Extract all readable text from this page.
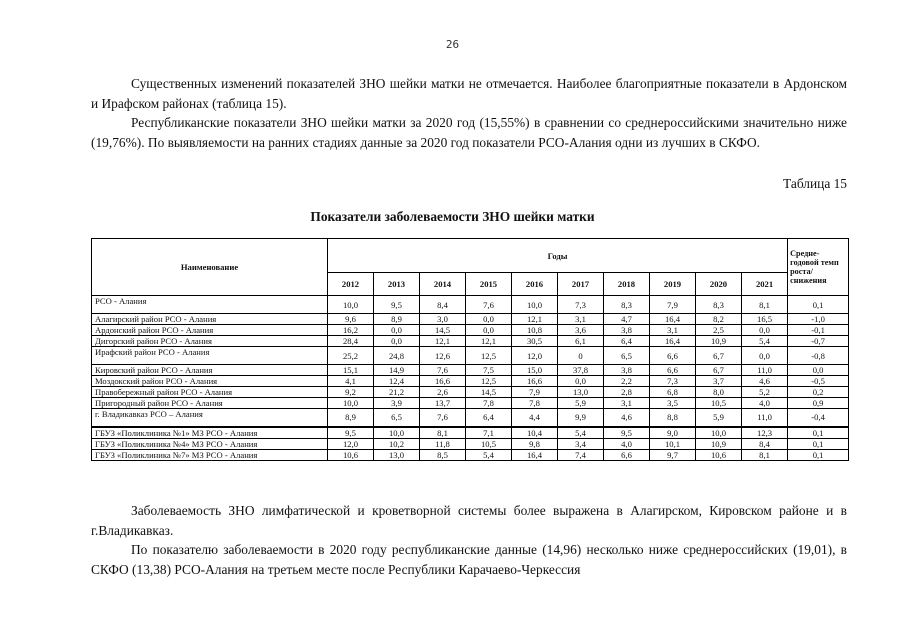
26

Существенных изменений показателей ЗНО шейки матки не отмечается. Наиболее благоприятные показатели в Ардонском и Ирафском районах (таблица 15).

Республиканские показатели ЗНО шейки матки за 2020 год (15,55%) в сравнении со среднероссийскими значительно ниже (19,76%). По выявляемости на ранних стадиях данные за 2020 год показатели РСО-Алания одни из лучших в СКФО.

Таблица 15
Показатели заболеваемости ЗНО шейки матки
Наименование	Годы										Средне-годовой темп роста/ снижения
	2012	2013	2014	2015	2016	2017	2018	2019	2020	2021	
РСО - Алания	10,0	9,5	8,4	7,6	10,0	7,3	8,3	7,9	8,3	8,1	0,1
Алагирский район РСО - Алания	9,6	8,9	3,0	0,0	12,1	3,1	4,7	16,4	8,2	16,5	-1,0
Ардонский район РСО - Алания	16,2	0,0	14,5	0,0	10,8	3,6	3,8	3,1	2,5	0,0	-0,1
Дигорский район РСО - Алания	28,4	0,0	12,1	12,1	30,5	6,1	6,4	16,4	10,9	5,4	-0,7
Ирафский район РСО - Алания	25,2	24,8	12,6	12,5	12,0	0	6,5	6,6	6,7	0,0	-0,8
Кировский район РСО - Алания	15,1	14,9	7,6	7,5	15,0	37,8	3,8	6,6	6,7	11,0	0,0
Моздокский район РСО - Алания	4,1	12,4	16,6	12,5	16,6	0,0	2,2	7,3	3,7	4,6	-0,5
Правобережный район РСО - Алания	9,2	21,2	2,6	14,5	7,9	13,0	2,8	6,8	8,0	5,2	0,2
Пригородный район РСО - Алания	10,0	3,9	13,7	7,8	7,8	5,9	3,1	3,5	10,5	4,0	0,9
г. Владикавказ РСО – Алания	8,9	6,5	7,6	6,4	4,4	9,9	4,6	8,8	5,9	11,0	-0,4
ГБУЗ «Поликлиника №1» МЗ РСО - Алания	9,5	10,0	8,1	7,1	10,4	5,4	9,5	9,0	10,0	12,3	0,1
ГБУЗ «Поликлиника №4» МЗ РСО - Алания	12,0	10,2	11,8	10,5	9,8	3,4	4,0	10,1	10,9	8,4	0,1
ГБУЗ «Поликлиника №7» МЗ РСО - Алания	10,6	13,0	8,5	5,4	16,4	7,4	6,6	9,7	10,6	8,1	0,1

Заболеваемость ЗНО лимфатической и кроветворной системы более выражена в Алагирском, Кировском районе и в г.Владикавказ.

По показателю заболеваемости в 2020 году республиканские данные (14,96) несколько ниже среднероссийских (19,01), в СКФО (13,38) РСО-Алания на третьем месте после Республики Карачаево-Черкессия
